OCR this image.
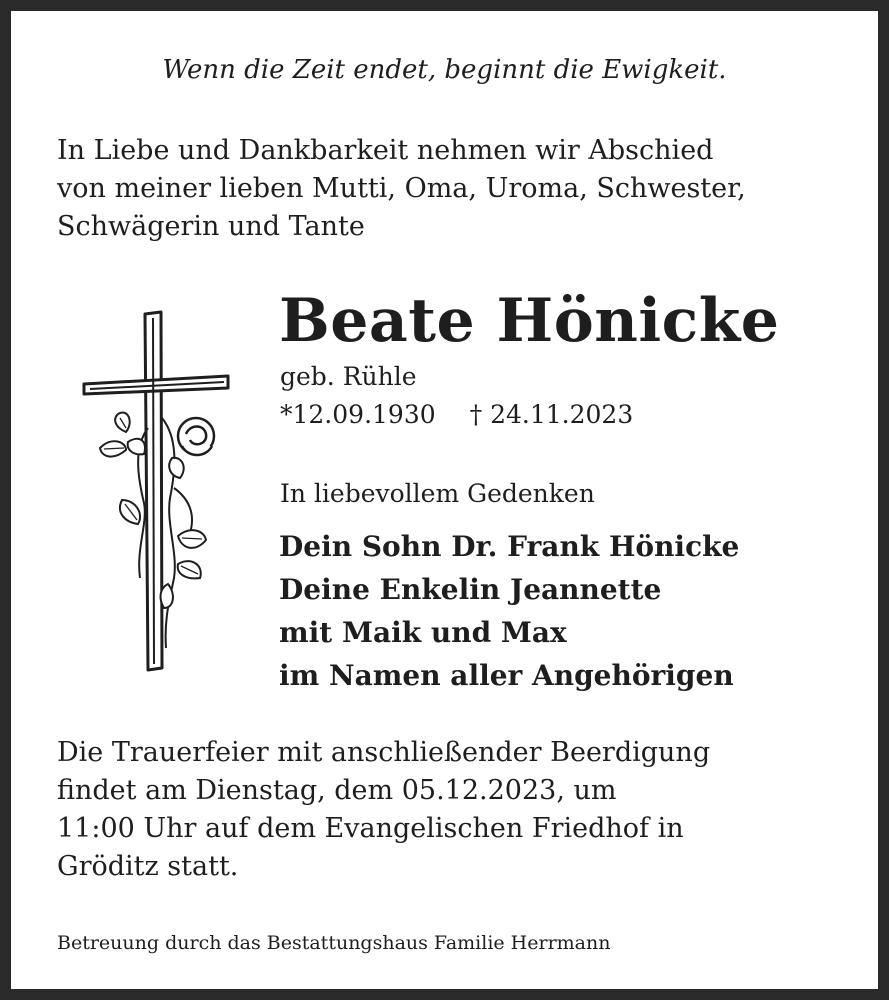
Wenn die Zeit endet, beginnt die Ewigkeit.
In Liebe und Dankbarkeit nehmen wir Abschied
von meiner lieben Mutti, Oma, Uroma, Schwester,
Schwägerin und Tante
Beate Hönicke
geb. Rühle
*12.09.1930 † 24.11.2023
In liebevollem Gedenken
Dein Sohn Dr. Frank Hönicke
Deine Enkelin Jeannette
mit Maik und Max
im Namen aller Angehörigen
Die Trauerfeier mit anschließender Beerdigung
findet am Dienstag, dem 05.12.2023, um
11:00 Uhr auf dem Evangelischen Friedhof in
Gröditz statt.
Betreuung durch das Bestattungshaus Familie Herrmann
